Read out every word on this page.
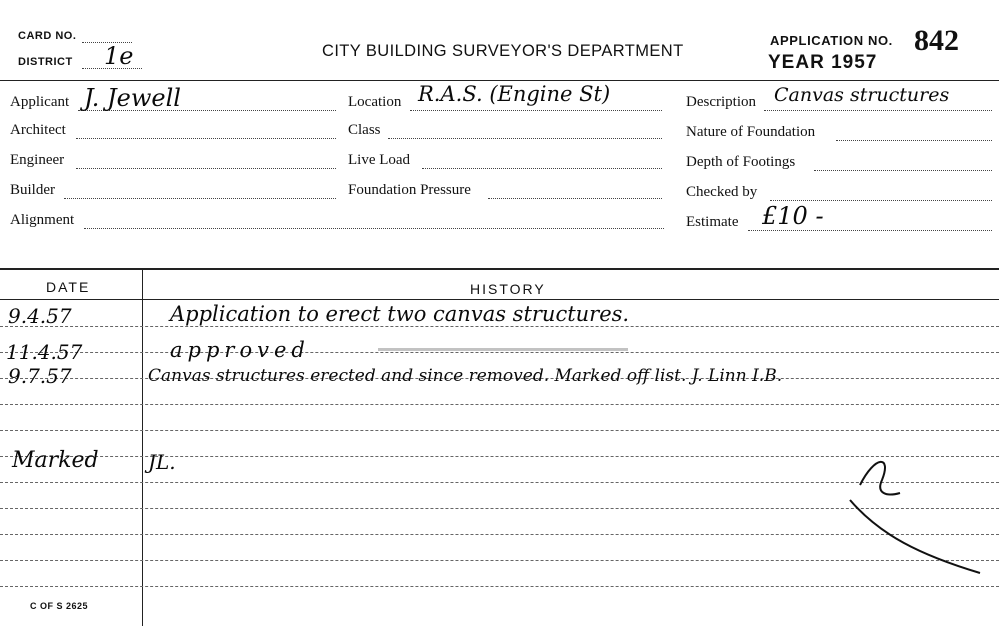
CARD NO.
DISTRICT 1e	CITY BUILDING SURVEYOR'S DEPARTMENT
APPLICATION NO. 842
YEAR 1957
Applicant J. Jewell
Architect
Engineer
Builder
Alignment
Location R.A.S. (Engine St)
Class
Live Load
Foundation Pressure
Description Canvas structures
Nature of Foundation
Depth of Footings
Checked by
Estimate £10 -
DATE	HISTORY
9.4.57	Application to erect two canvas structures.
11.4.57	approved
9.7.57	Canvas structures erected and since removed. Marked off list. J. Linn I.B.
Marked JL.
C OF S 2625
